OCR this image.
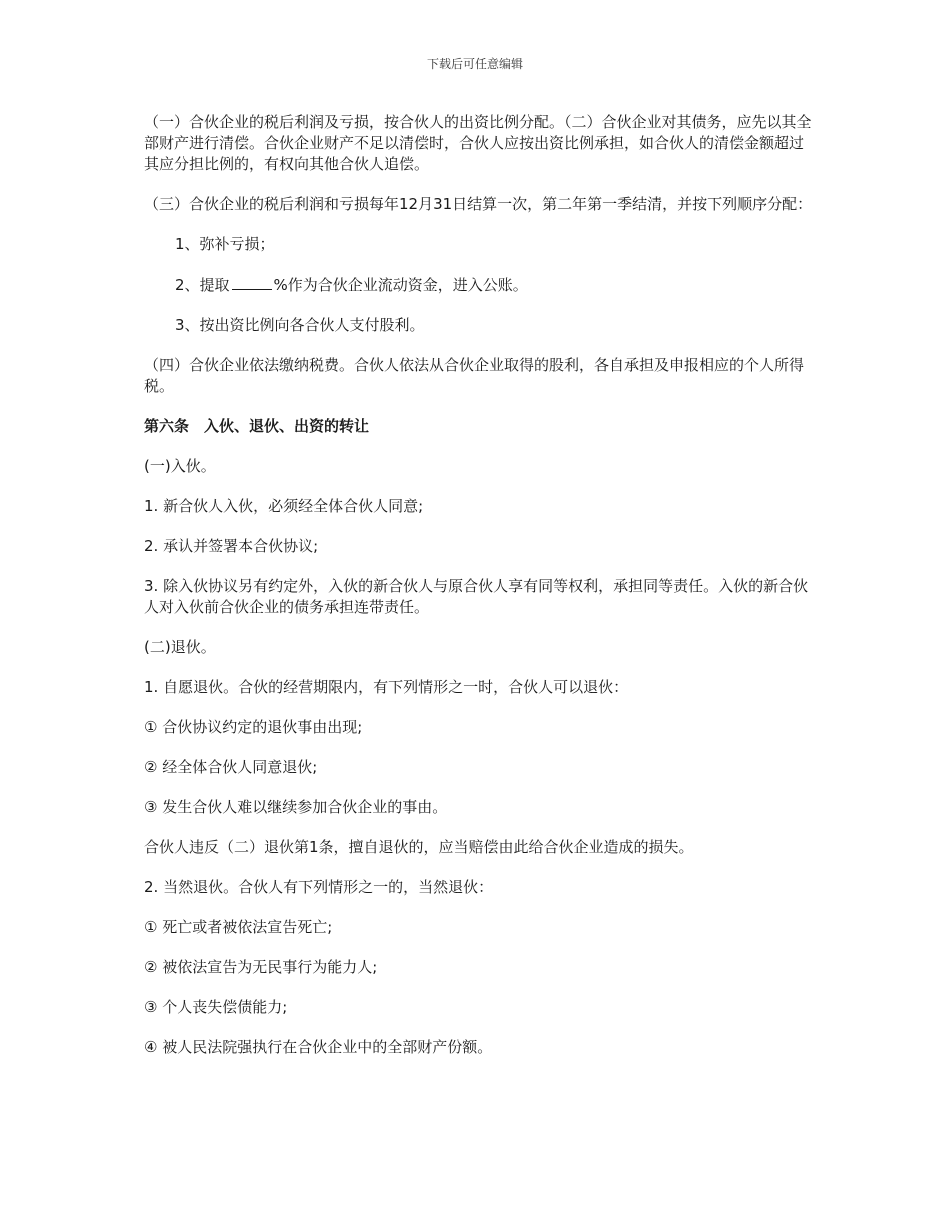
下载后可任意编辑

（一）合伙企业的税后利润及亏损，按合伙人的出资比例分配。（二）合伙企业对其债务，应先以其全部财产进行清偿。合伙企业财产不足以清偿时，合伙人应按出资比例承担，如合伙人的清偿金额超过其应分担比例的，有权向其他合伙人追偿。

（三）合伙企业的税后利润和亏损每年12月31日结算一次，第二年第一季结清，并按下列顺序分配：

1、弥补亏损；

2、提取	%作为合伙企业流动资金，进入公账。

3、按出资比例向各合伙人支付股利。

（四）合伙企业依法缴纳税费。合伙人依法从合伙企业取得的股利，各自承担及申报相应的个人所得税。

第六条　入伙、退伙、出资的转让

(一)入伙。

1. 新合伙人入伙，必须经全体合伙人同意;

2. 承认并签署本合伙协议;

3. 除入伙协议另有约定外，入伙的新合伙人与原合伙人享有同等权利，承担同等责任。入伙的新合伙人对入伙前合伙企业的债务承担连带责任。

(二)退伙。

1. 自愿退伙。合伙的经营期限内，有下列情形之一时，合伙人可以退伙：

① 合伙协议约定的退伙事由出现;

② 经全体合伙人同意退伙;

③ 发生合伙人难以继续参加合伙企业的事由。

合伙人违反（二）退伙第1条，擅自退伙的，应当赔偿由此给合伙企业造成的损失。

2. 当然退伙。合伙人有下列情形之一的，当然退伙：

① 死亡或者被依法宣告死亡;

② 被依法宣告为无民事行为能力人;

③ 个人丧失偿债能力;

④ 被人民法院强执行在合伙企业中的全部财产份额。
